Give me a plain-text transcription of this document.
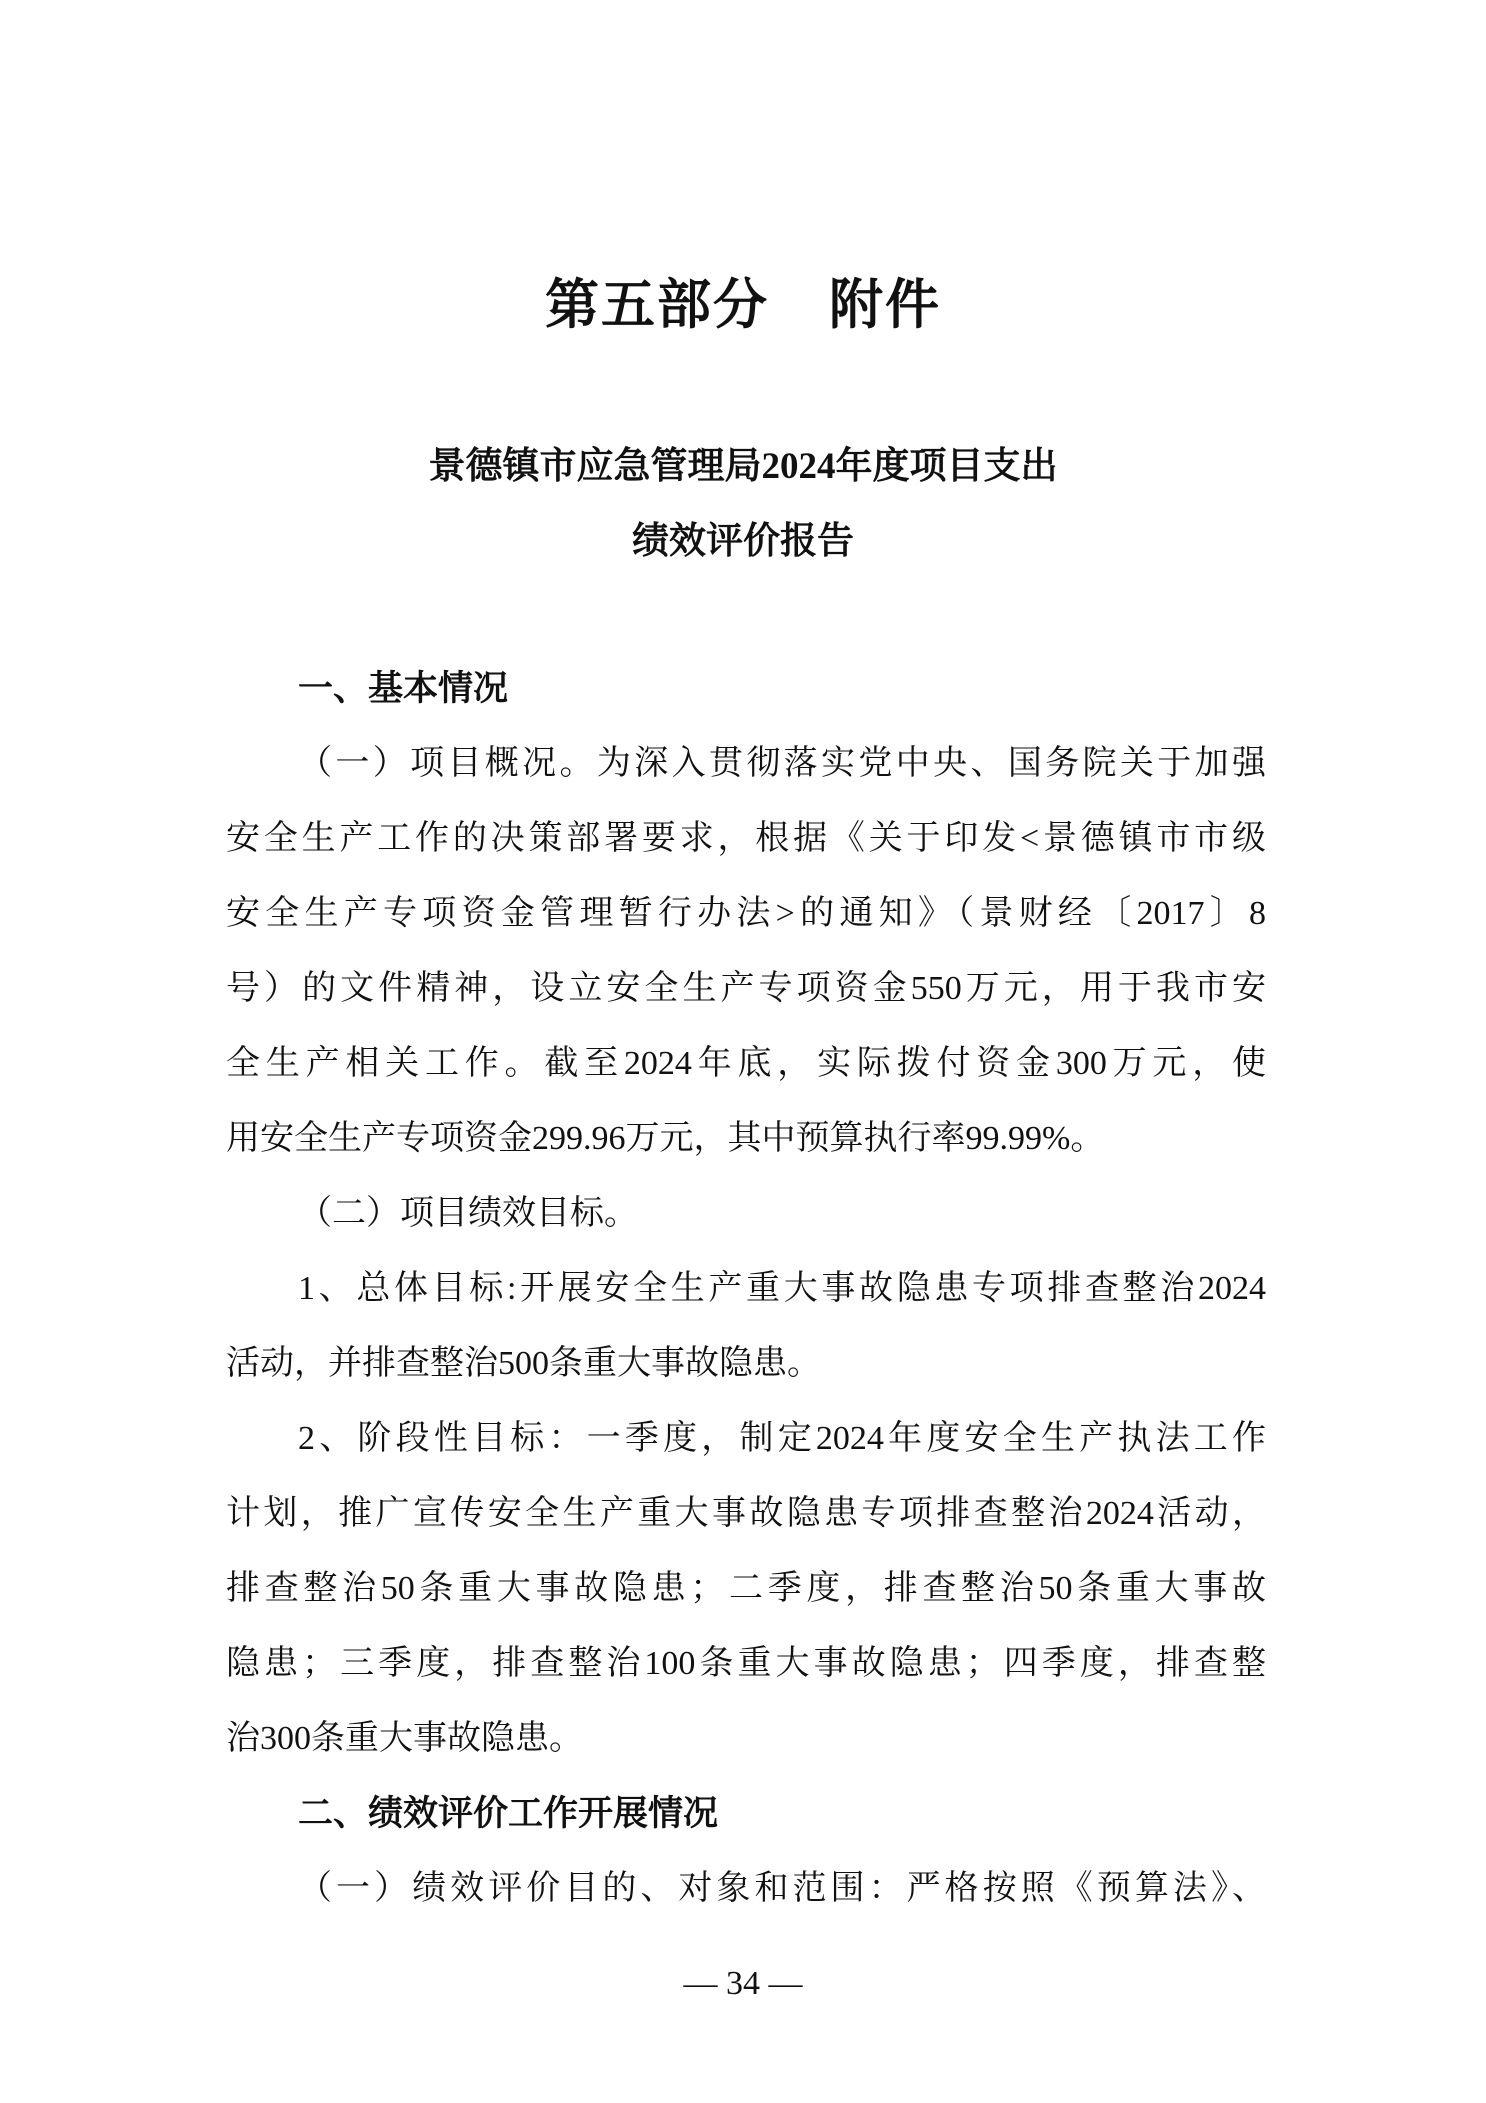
第五部分 附件
景德镇市应急管理局2024年度项目支出
绩效评价报告
一、基本情况
（一）项目概况。为深入贯彻落实党中央、国务院关于加强
安全生产工作的决策部署要求，根据《关于印发<景德镇市市级
安全生产专项资金管理暂行办法>的通知》（景财经〔2017〕8
号）的文件精神，设立安全生产专项资金550万元，用于我市安
全生产相关工作。截至2024年底，实际拨付资金300万元，使
用安全生产专项资金299.96万元，其中预算执行率99.99%。
（二）项目绩效目标。
1、总体目标:开展安全生产重大事故隐患专项排查整治2024
活动，并排查整治500条重大事故隐患。
2、阶段性目标：一季度，制定2024年度安全生产执法工作
计划，推广宣传安全生产重大事故隐患专项排查整治2024活动，
排查整治50条重大事故隐患；二季度，排查整治50条重大事故
隐患；三季度，排查整治100条重大事故隐患；四季度，排查整
治300条重大事故隐患。
二、绩效评价工作开展情况
（一）绩效评价目的、对象和范围：严格按照《预算法》、
— 34 —
